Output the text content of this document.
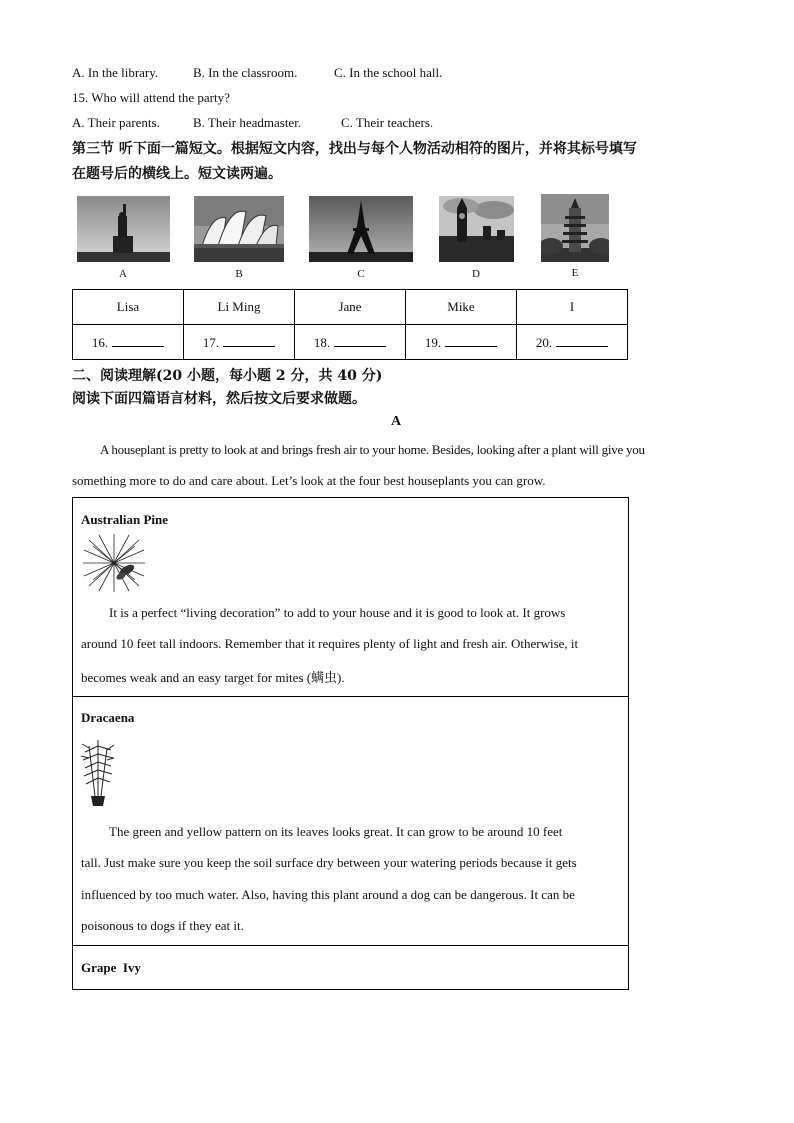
A. In the library.	B. In the classroom.	C. In the school hall.
15. Who will attend the party?
A. Their parents.	B. Their headmaster.	C. Their teachers.
第三节 听下面一篇短文。根据短文内容，找出与每个人物活动相符的图片，并将其标号填写
在题号后的横线上。短文读两遍。
A	B	C	D	E
Lisa	Li Ming	Jane	Mike	I
16.	17.	18.	19.	20.
二、阅读理解(20 小题，每小题 2 分，共 40 分)
阅读下面四篇语言材料，然后按文后要求做题。
A
A houseplant is pretty to look at and brings fresh air to your home. Besides, looking after a plant will give you
something more to do and care about. Let’s look at the four best houseplants you can grow.
Australian Pine
It is a perfect “living decoration” to add to your house and it is good to look at. It grows
around 10 feet tall indoors. Remember that it requires plenty of light and fresh air. Otherwise, it
becomes weak and an easy target for mites (螨虫).
Dracaena
The green and yellow pattern on its leaves looks great. It can grow to be around 10 feet
tall. Just make sure you keep the soil surface dry between your watering periods because it gets
influenced by too much water. Also, having this plant around a dog can be dangerous. It can be
poisonous to dogs if they eat it.
Grape  Ivy
